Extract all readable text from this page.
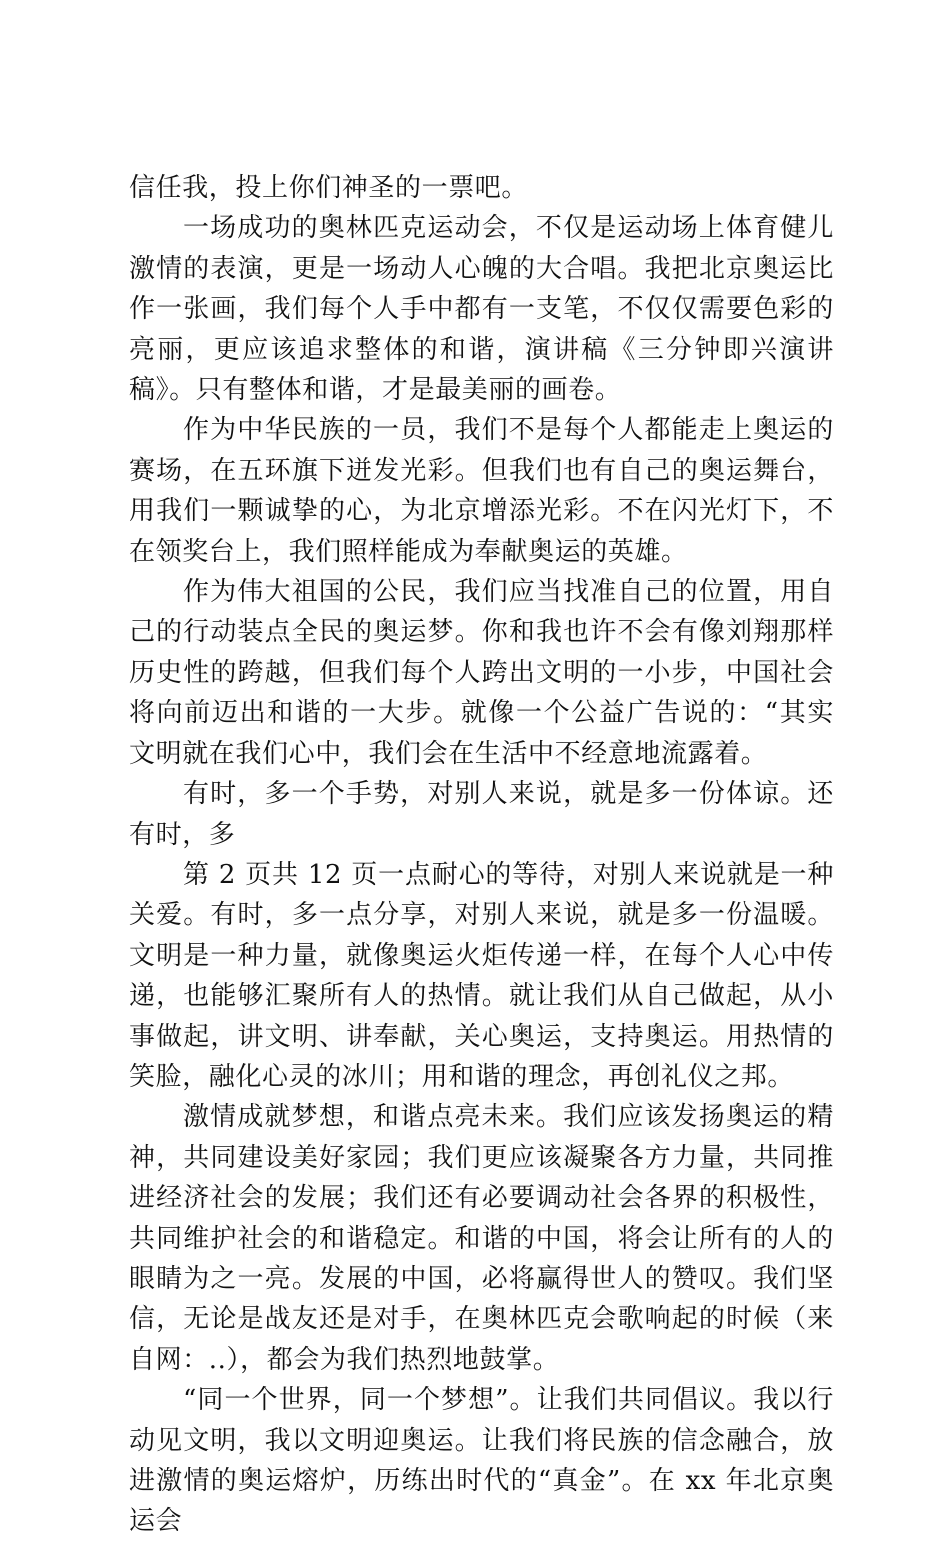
信任我，投上你们神圣的一票吧。

一场成功的奥林匹克运动会，不仅是运动场上体育健儿激情的表演，更是一场动人心魄的大合唱。我把北京奥运比作一张画，我们每个人手中都有一支笔，不仅仅需要色彩的亮丽，更应该追求整体的和谐，演讲稿《三分钟即兴演讲稿》。只有整体和谐，才是最美丽的画卷。

作为中华民族的一员，我们不是每个人都能走上奥运的赛场，在五环旗下迸发光彩。但我们也有自己的奥运舞台，用我们一颗诚挚的心，为北京增添光彩。不在闪光灯下，不在领奖台上，我们照样能成为奉献奥运的英雄。

作为伟大祖国的公民，我们应当找准自己的位置，用自己的行动装点全民的奥运梦。你和我也许不会有像刘翔那样历史性的跨越，但我们每个人跨出文明的一小步，中国社会将向前迈出和谐的一大步。就像一个公益广告说的：“其实文明就在我们心中，我们会在生活中不经意地流露着。

有时，多一个手势，对别人来说，就是多一份体谅。还有时，多

第 2 页共 12 页一点耐心的等待，对别人来说就是一种关爱。有时，多一点分享，对别人来说，就是多一份温暖。文明是一种力量，就像奥运火炬传递一样，在每个人心中传递，也能够汇聚所有人的热情。就让我们从自己做起，从小事做起，讲文明、讲奉献，关心奥运，支持奥运。用热情的笑脸，融化心灵的冰川；用和谐的理念，再创礼仪之邦。

激情成就梦想，和谐点亮未来。我们应该发扬奥运的精神，共同建设美好家园；我们更应该凝聚各方力量，共同推进经济社会的发展；我们还有必要调动社会各界的积极性，共同维护社会的和谐稳定。和谐的中国，将会让所有的人的眼睛为之一亮。发展的中国，必将赢得世人的赞叹。我们坚信，无论是战友还是对手，在奥林匹克会歌响起的时候（来自网：..），都会为我们热烈地鼓掌。

“同一个世界，同一个梦想”。让我们共同倡议。我以行动见文明，我以文明迎奥运。让我们将民族的信念融合，放进激情的奥运熔炉，历练出时代的“真金”。在 xx 年北京奥运会
